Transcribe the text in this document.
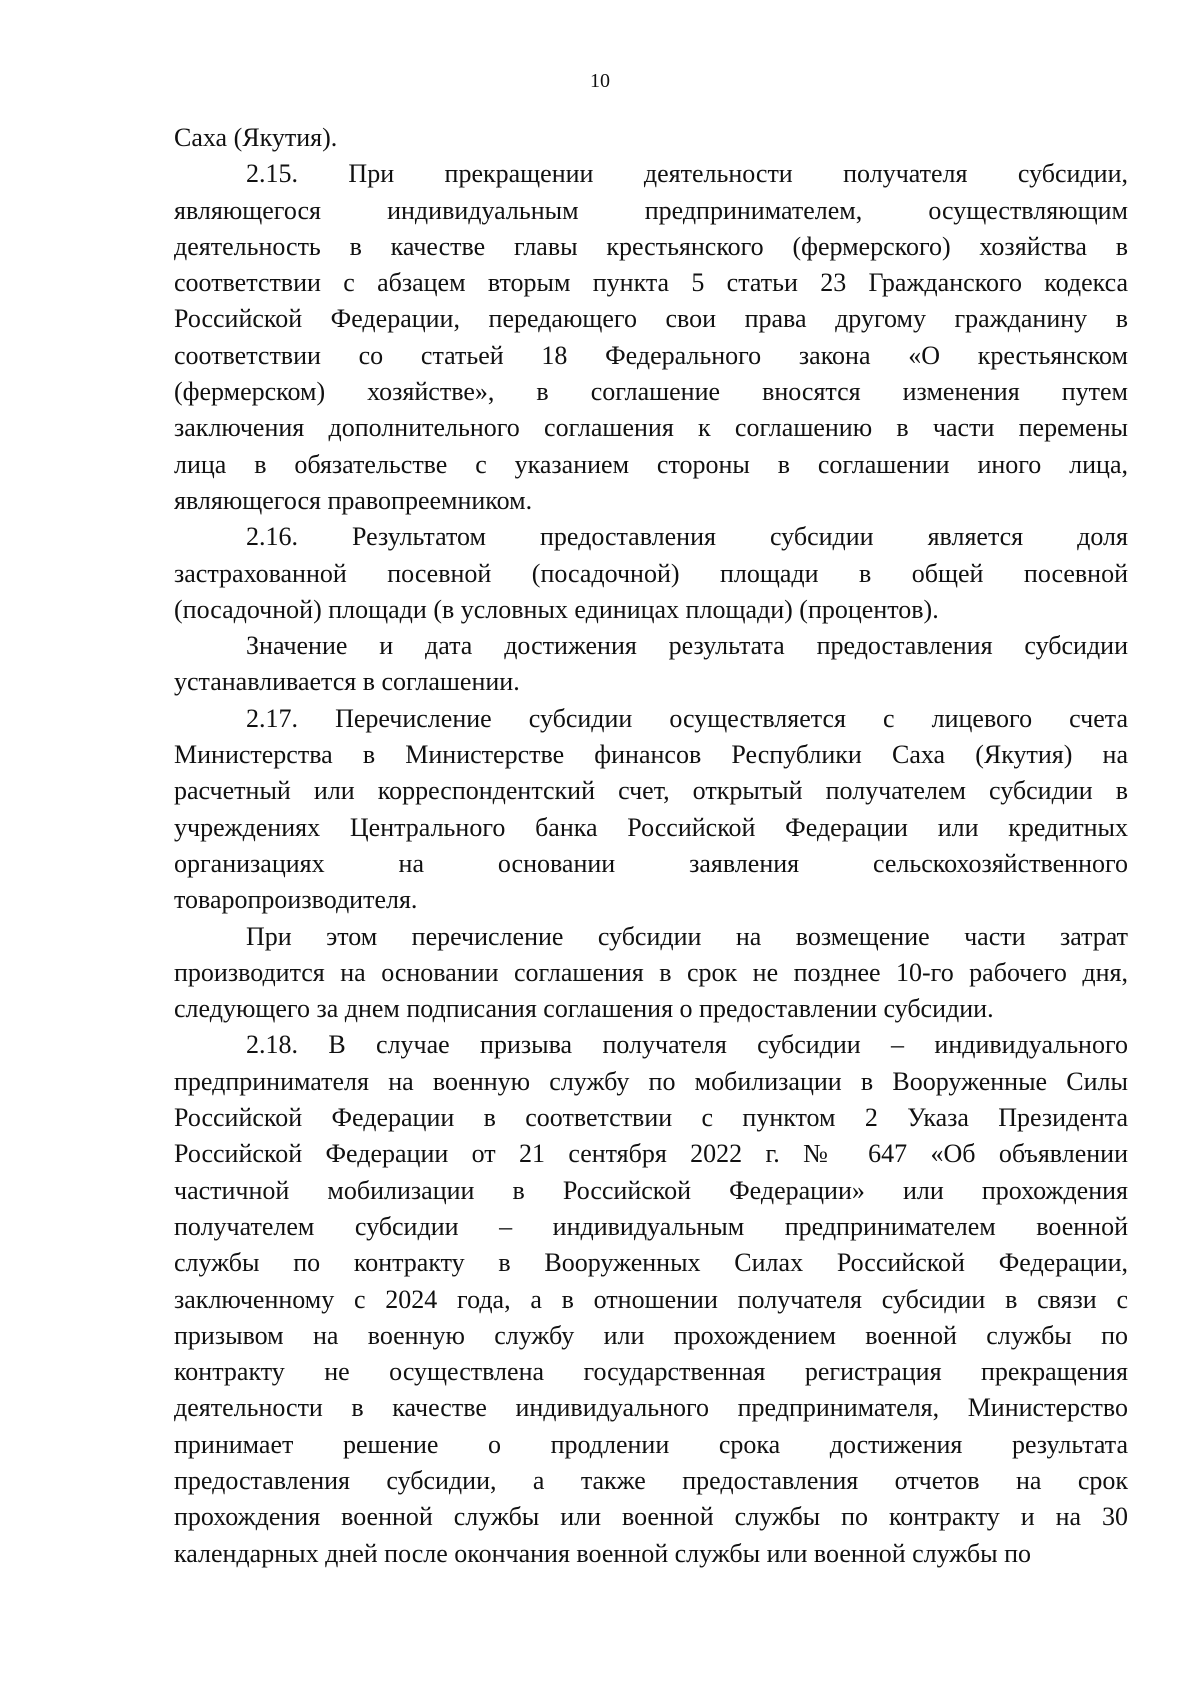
10
Саха (Якутия).
2.15. При прекращении деятельности получателя субсидии,
являющегося индивидуальным предпринимателем, осуществляющим
деятельность в качестве главы крестьянского (фермерского) хозяйства в
соответствии с абзацем вторым пункта 5 статьи 23 Гражданского кодекса
Российской Федерации, передающего свои права другому гражданину в
соответствии со статьей 18 Федерального закона «О крестьянском
(фермерском) хозяйстве», в соглашение вносятся изменения путем
заключения дополнительного соглашения к соглашению в части перемены
лица в обязательстве с указанием стороны в соглашении иного лица,
являющегося правопреемником.
2.16. Результатом предоставления субсидии является доля
застрахованной посевной (посадочной) площади в общей посевной
(посадочной) площади (в условных единицах площади) (процентов).
Значение и дата достижения результата предоставления субсидии
устанавливается в соглашении.
2.17. Перечисление субсидии осуществляется с лицевого счета
Министерства в Министерстве финансов Республики Саха (Якутия) на
расчетный или корреспондентский счет, открытый получателем субсидии в
учреждениях Центрального банка Российской Федерации или кредитных
организациях на основании заявления сельскохозяйственного
товаропроизводителя.
При этом перечисление субсидии на возмещение части затрат
производится на основании соглашения в срок не позднее 10-го рабочего дня,
следующего за днем подписания соглашения о предоставлении субсидии.
2.18. В случае призыва получателя субсидии – индивидуального
предпринимателя на военную службу по мобилизации в Вооруженные Силы
Российской Федерации в соответствии с пунктом 2 Указа Президента
Российской Федерации от 21 сентября 2022 г. № 647 «Об объявлении
частичной мобилизации в Российской Федерации» или прохождения
получателем субсидии – индивидуальным предпринимателем военной
службы по контракту в Вооруженных Силах Российской Федерации,
заключенному с 2024 года, а в отношении получателя субсидии в связи с
призывом на военную службу или прохождением военной службы по
контракту не осуществлена государственная регистрация прекращения
деятельности в качестве индивидуального предпринимателя, Министерство
принимает решение о продлении срока достижения результата
предоставления субсидии, а также предоставления отчетов на срок
прохождения военной службы или военной службы по контракту и на 30
календарных дней после окончания военной службы или военной службы по
